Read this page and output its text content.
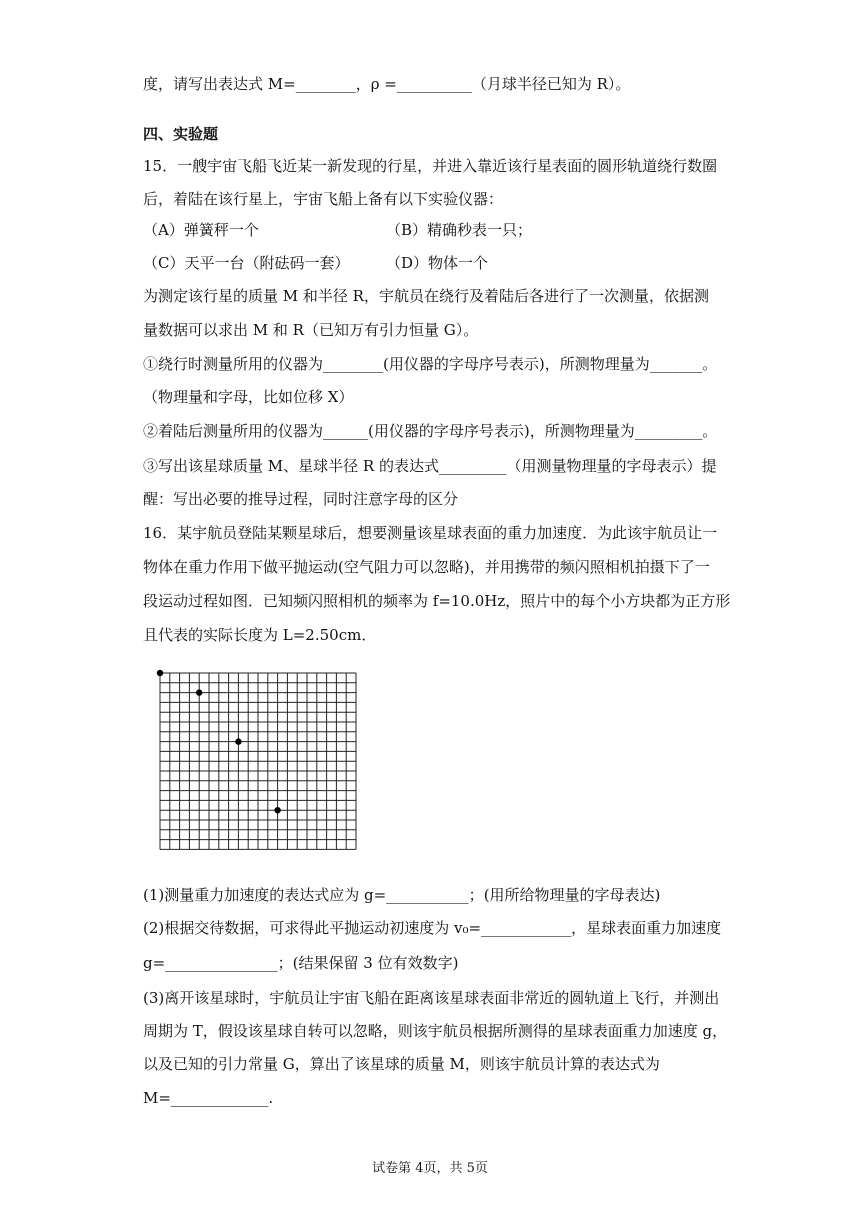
度，请写出表达式 M=________，ρ =__________（月球半径已知为 R）。
四、实验题
15．一艘宇宙飞船飞近某一新发现的行星，并进入靠近该行星表面的圆形轨道绕行数圈
后，着陆在该行星上，宇宙飞船上备有以下实验仪器：
（A）弹簧秤一个	（B）精确秒表一只；
（C）天平一台（附砝码一套） （D）物体一个
为测定该行星的质量 M 和半径 R，宇航员在绕行及着陆后各进行了一次测量，依据测
量数据可以求出 M 和 R（已知万有引力恒量 G）。
①绕行时测量所用的仪器为________(用仪器的字母序号表示)，所测物理量为_______。
（物理量和字母，比如位移 X）
②着陆后测量所用的仪器为______(用仪器的字母序号表示)，所测物理量为_________。
③写出该星球质量 M、星球半径 R 的表达式_________（用测量物理量的字母表示）提
醒：写出必要的推导过程，同时注意字母的区分
16．某宇航员登陆某颗星球后，想要测量该星球表面的重力加速度．为此该宇航员让一
物体在重力作用下做平抛运动(空气阻力可以忽略)，并用携带的频闪照相机拍摄下了一
段运动过程如图．已知频闪照相机的频率为 f=10.0Hz，照片中的每个小方块都为正方形
且代表的实际长度为 L=2.50cm．
(1)测量重力加速度的表达式应为 g=___________；(用所给物理量的字母表达)
(2)根据交待数据，可求得此平抛运动初速度为 v₀=____________，星球表面重力加速度
g=_______________；(结果保留 3 位有效数字)
(3)离开该星球时，宇航员让宇宙飞船在距离该星球表面非常近的圆轨道上飞行，并测出
周期为 T，假设该星球自转可以忽略，则该宇航员根据所测得的星球表面重力加速度 g，
以及已知的引力常量 G，算出了该星球的质量 M，则该宇航员计算的表达式为
M=_____________.
试卷第 4页，共 5页
